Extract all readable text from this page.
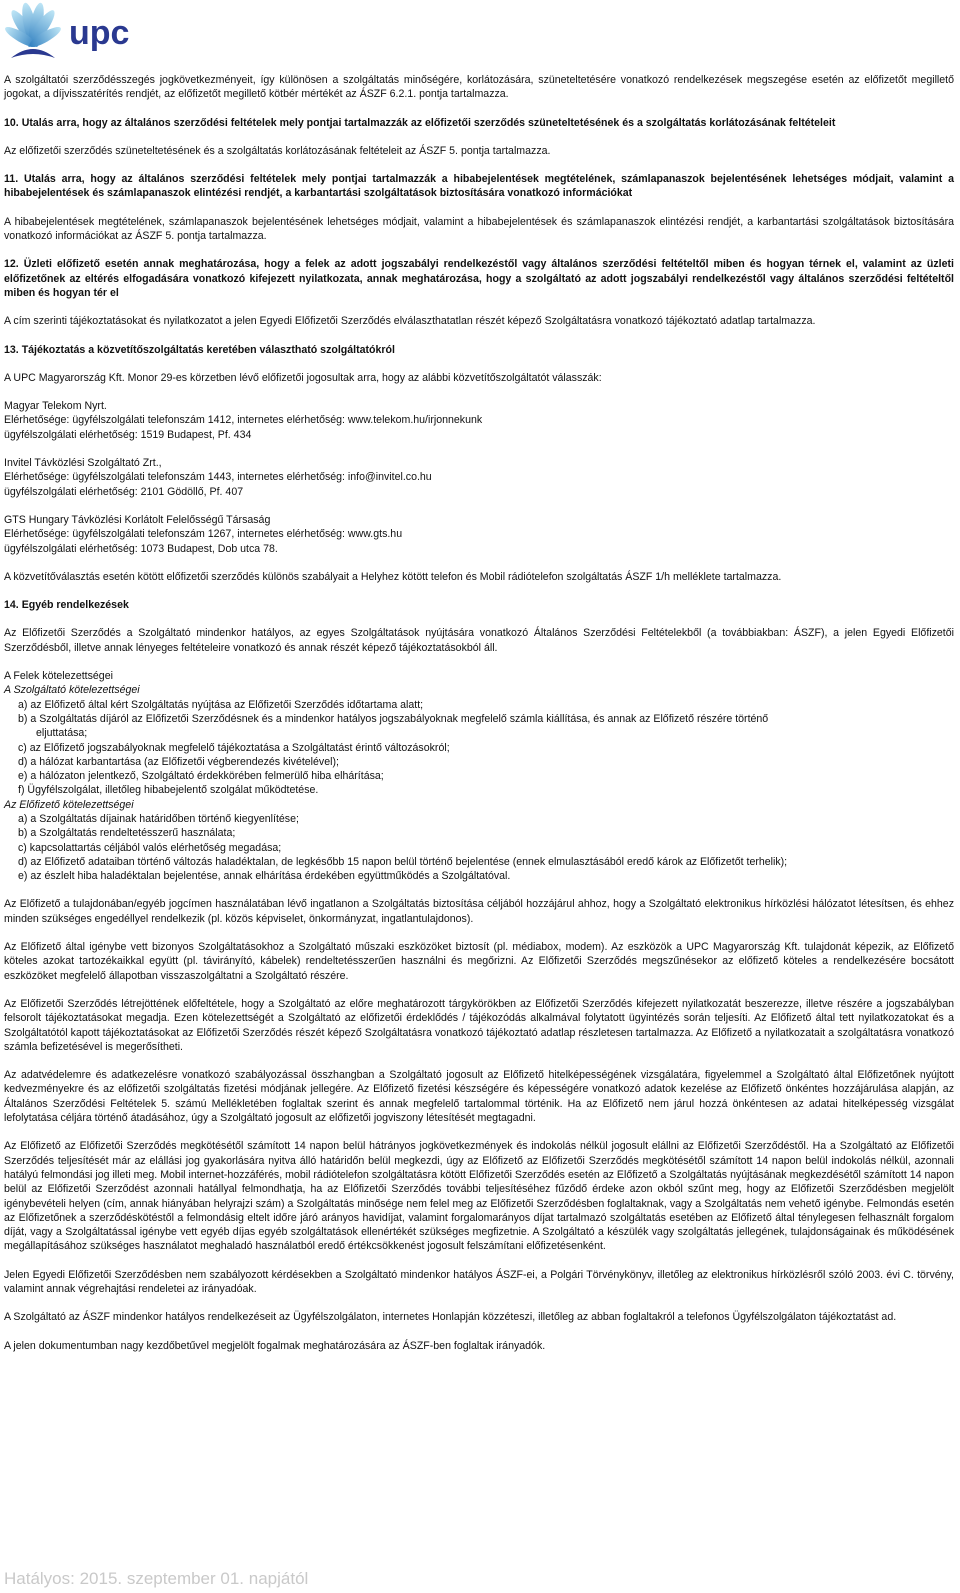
upc

A szolgáltatói szerződésszegés jogkövetkezményeit, így különösen a szolgáltatás minőségére, korlátozására, szüneteltetésére vonatkozó rendelkezések megszegése esetén az előfizetőt megillető jogokat, a díjvisszatérítés rendjét, az előfizetőt megillető kötbér mértékét az ÁSZF 6.2.1. pontja tartalmazza.

10. Utalás arra, hogy az általános szerződési feltételek mely pontjai tartalmazzák az előfizetői szerződés szüneteltetésének és a szolgáltatás korlátozásának feltételeit

Az előfizetői szerződés szüneteltetésének és a szolgáltatás korlátozásának feltételeit az ÁSZF 5. pontja tartalmazza.

11. Utalás arra, hogy az általános szerződési feltételek mely pontjai tartalmazzák a hibabejelentések megtételének, számlapanaszok bejelentésének lehetséges módjait, valamint a hibabejelentések és számlapanaszok elintézési rendjét, a karbantartási szolgáltatások biztosítására vonatkozó információkat

A hibabejelentések megtételének, számlapanaszok bejelentésének lehetséges módjait, valamint a hibabejelentések és számlapanaszok elintézési rendjét, a karbantartási szolgáltatások biztosítására vonatkozó információkat az ÁSZF 5. pontja tartalmazza.

12. Üzleti előfizető esetén annak meghatározása, hogy a felek az adott jogszabályi rendelkezéstől vagy általános szerződési feltételtől miben és hogyan térnek el, valamint az üzleti előfizetőnek az eltérés elfogadására vonatkozó kifejezett nyilatkozata, annak meghatározása, hogy a szolgáltató az adott jogszabályi rendelkezéstől vagy általános szerződési feltételtől miben és hogyan tér el

A cím szerinti tájékoztatásokat és nyilatkozatot a jelen Egyedi Előfizetői Szerződés elválaszthatatlan részét képező Szolgáltatásra vonatkozó tájékoztató adatlap tartalmazza.

13. Tájékoztatás a közvetítőszolgáltatás keretében választható szolgáltatókról

A UPC Magyarország Kft. Monor 29-es körzetben lévő előfizetői jogosultak arra, hogy az alábbi közvetítőszolgáltatót válasszák:

Magyar Telekom Nyrt.

Elérhetősége: ügyfélszolgálati telefonszám 1412, internetes elérhetőség: www.telekom.hu/irjonnekunk

ügyfélszolgálati elérhetőség: 1519 Budapest, Pf. 434

Invitel Távközlési Szolgáltató Zrt.,

Elérhetősége: ügyfélszolgálati telefonszám 1443, internetes elérhetőség: info@invitel.co.hu

ügyfélszolgálati elérhetőség: 2101 Gödöllő, Pf. 407

GTS Hungary Távközlési Korlátolt Felelősségű Társaság

Elérhetősége: ügyfélszolgálati telefonszám 1267, internetes elérhetőség: www.gts.hu

ügyfélszolgálati elérhetőség: 1073 Budapest, Dob utca 78.

A közvetítőválasztás esetén kötött előfizetői szerződés különös szabályait a Helyhez kötött telefon és Mobil rádiótelefon szolgáltatás ÁSZF 1/h melléklete tartalmazza.

14. Egyéb rendelkezések

Az Előfizetői Szerződés a Szolgáltató mindenkor hatályos, az egyes Szolgáltatások nyújtására vonatkozó Általános Szerződési Feltételekből (a továbbiakban: ÁSZF), a jelen Egyedi Előfizetői Szerződésből, illetve annak lényeges feltételeire vonatkozó és annak részét képező tájékoztatásokból áll.

A Felek kötelezettségei

A Szolgáltató kötelezettségei

a) az Előfizető által kért Szolgáltatás nyújtása az Előfizetői Szerződés időtartama alatt;
b) a Szolgáltatás díjáról az Előfizetői Szerződésnek és a mindenkor hatályos jogszabályoknak megfelelő számla kiállítása, és annak az Előfizető részére történő
eljuttatása;
c) az Előfizető jogszabályoknak megfelelő tájékoztatása a Szolgáltatást érintő változásokról;
d) a hálózat karbantartása (az Előfizetői végberendezés kivételével);
e) a hálózaton jelentkező, Szolgáltató érdekkörében felmerülő hiba elhárítása;
f) Ügyfélszolgálat, illetőleg hibabejelentő szolgálat működtetése.

Az Előfizető kötelezettségei

a) a Szolgáltatás díjainak határidőben történő kiegyenlítése;
b) a Szolgáltatás rendeltetésszerű használata;
c) kapcsolattartás céljából valós elérhetőség megadása;
d) az Előfizető adataiban történő változás haladéktalan, de legkésőbb 15 napon belül történő bejelentése (ennek elmulasztásából eredő károk az Előfizetőt terhelik);
e) az észlelt hiba haladéktalan bejelentése, annak elhárítása érdekében együttműködés a Szolgáltatóval.

Az Előfizető a tulajdonában/egyéb jogcímen használatában lévő ingatlanon a Szolgáltatás biztosítása céljából hozzájárul ahhoz, hogy a Szolgáltató elektronikus hírközlési hálózatot létesítsen, és ehhez minden szükséges engedéllyel rendelkezik (pl. közös képviselet, önkormányzat, ingatlantulajdonos).

Az Előfizető által igénybe vett bizonyos Szolgáltatásokhoz a Szolgáltató műszaki eszközöket biztosít (pl. médiabox, modem). Az eszközök a UPC Magyarország Kft. tulajdonát képezik, az Előfizető köteles azokat tartozékaikkal együtt (pl. távirányító, kábelek) rendeltetésszerűen használni és megőrizni. Az Előfizetői Szerződés megszűnésekor az előfizető köteles a rendelkezésére bocsátott eszközöket megfelelő állapotban visszaszolgáltatni a Szolgáltató részére.

Az Előfizetői Szerződés létrejöttének előfeltétele, hogy a Szolgáltató az előre meghatározott tárgykörökben az Előfizetői Szerződés kifejezett nyilatkozatát beszerezze, illetve részére a jogszabályban felsorolt tájékoztatásokat megadja. Ezen kötelezettségét a Szolgáltató az előfizetői érdeklődés / tájékozódás alkalmával folytatott ügyintézés során teljesíti. Az Előfizető által tett nyilatkozatokat és a Szolgáltatótól kapott tájékoztatásokat az Előfizetői Szerződés részét képező Szolgáltatásra vonatkozó tájékoztató adatlap részletesen tartalmazza. Az Előfizető a nyilatkozatait a szolgáltatásra vonatkozó számla befizetésével is megerősítheti.

Az adatvédelemre és adatkezelésre vonatkozó szabályozással összhangban a Szolgáltató jogosult az Előfizető hitelképességének vizsgálatára, figyelemmel a Szolgáltató által Előfizetőnek nyújtott kedvezményekre és az előfizetői szolgáltatás fizetési módjának jellegére. Az Előfizető fizetési készségére és képességére vonatkozó adatok kezelése az Előfizető önkéntes hozzájárulása alapján, az Általános Szerződési Feltételek 5. számú Mellékletében foglaltak szerint és annak megfelelő tartalommal történik. Ha az Előfizető nem járul hozzá önkéntesen az adatai hitelképesség vizsgálat lefolytatása céljára történő átadásához, úgy a Szolgáltató jogosult az előfizetői jogviszony létesítését megtagadni.

Az Előfizető az Előfizetői Szerződés megkötésétől számított 14 napon belül hátrányos jogkövetkezmények és indokolás nélkül jogosult elállni az Előfizetői Szerződéstől. Ha a Szolgáltató az Előfizetői Szerződés teljesítését már az elállási jog gyakorlására nyitva álló határidőn belül megkezdi, úgy az Előfizető az Előfizetői Szerződés megkötésétől számított 14 napon belül indokolás nélkül, azonnali hatályú felmondási jog illeti meg. Mobil internet-hozzáférés, mobil rádiótelefon szolgáltatásra kötött Előfizetői Szerződés esetén az Előfizető a Szolgáltatás nyújtásának megkezdésétől számított 14 napon belül az Előfizetői Szerződést azonnali hatállyal felmondhatja, ha az Előfizetői Szerződés további teljesítéséhez fűződő érdeke azon okból szűnt meg, hogy az Előfizetői Szerződésben megjelölt igénybevételi helyen (cím, annak hiányában helyrajzi szám) a Szolgáltatás minősége nem felel meg az Előfizetői Szerződésben foglaltaknak, vagy a Szolgáltatás nem vehető igénybe. Felmondás esetén az Előfizetőnek a szerződéskötéstől a felmondásig eltelt időre járó arányos havidíjat, valamint forgalomarányos díjat tartalmazó szolgáltatás esetében az Előfizető által ténylegesen felhasznált forgalom díját, vagy a Szolgáltatással igénybe vett egyéb díjas egyéb szolgáltatások ellenértékét szükséges megfizetnie. A Szolgáltató a készülék vagy szolgáltatás jellegének, tulajdonságainak és működésének megállapításához szükséges használatot meghaladó használatból eredő értékcsökkenést jogosult felszámítani előfizetésenként.

Jelen Egyedi Előfizetői Szerződésben nem szabályozott kérdésekben a Szolgáltató mindenkor hatályos ÁSZF-ei, a Polgári Törvénykönyv, illetőleg az elektronikus hírközlésről szóló 2003. évi C. törvény, valamint annak végrehajtási rendeletei az irányadóak.

A Szolgáltató az ÁSZF mindenkor hatályos rendelkezéseit az Ügyfélszolgálaton, internetes Honlapján közzéteszi, illetőleg az abban foglaltakról a telefonos Ügyfélszolgálaton tájékoztatást ad.

A jelen dokumentumban nagy kezdőbetűvel megjelölt fogalmak meghatározására az ÁSZF-ben foglaltak irányadók.

Hatályos: 2015. szeptember 01. napjától
